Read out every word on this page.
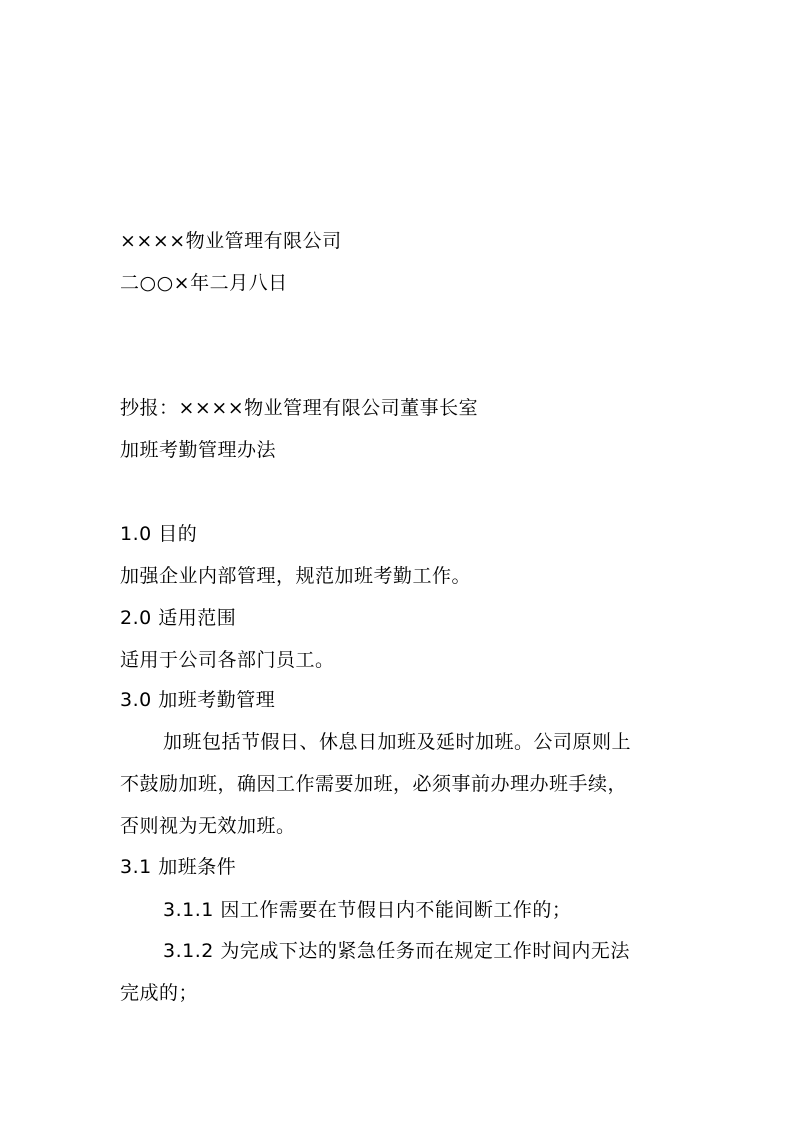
××××物业管理有限公司
二○○×年二月八日
抄报：××××物业管理有限公司董事长室
加班考勤管理办法
1.0 目的
加强企业内部管理，规范加班考勤工作。
2.0 适用范围
适用于公司各部门员工。
3.0 加班考勤管理
加班包括节假日、休息日加班及延时加班。公司原则上
不鼓励加班，确因工作需要加班，必须事前办理办班手续，
否则视为无效加班。
3.1 加班条件
3.1.1 因工作需要在节假日内不能间断工作的；
3.1.2 为完成下达的紧急任务而在规定工作时间内无法
完成的；
